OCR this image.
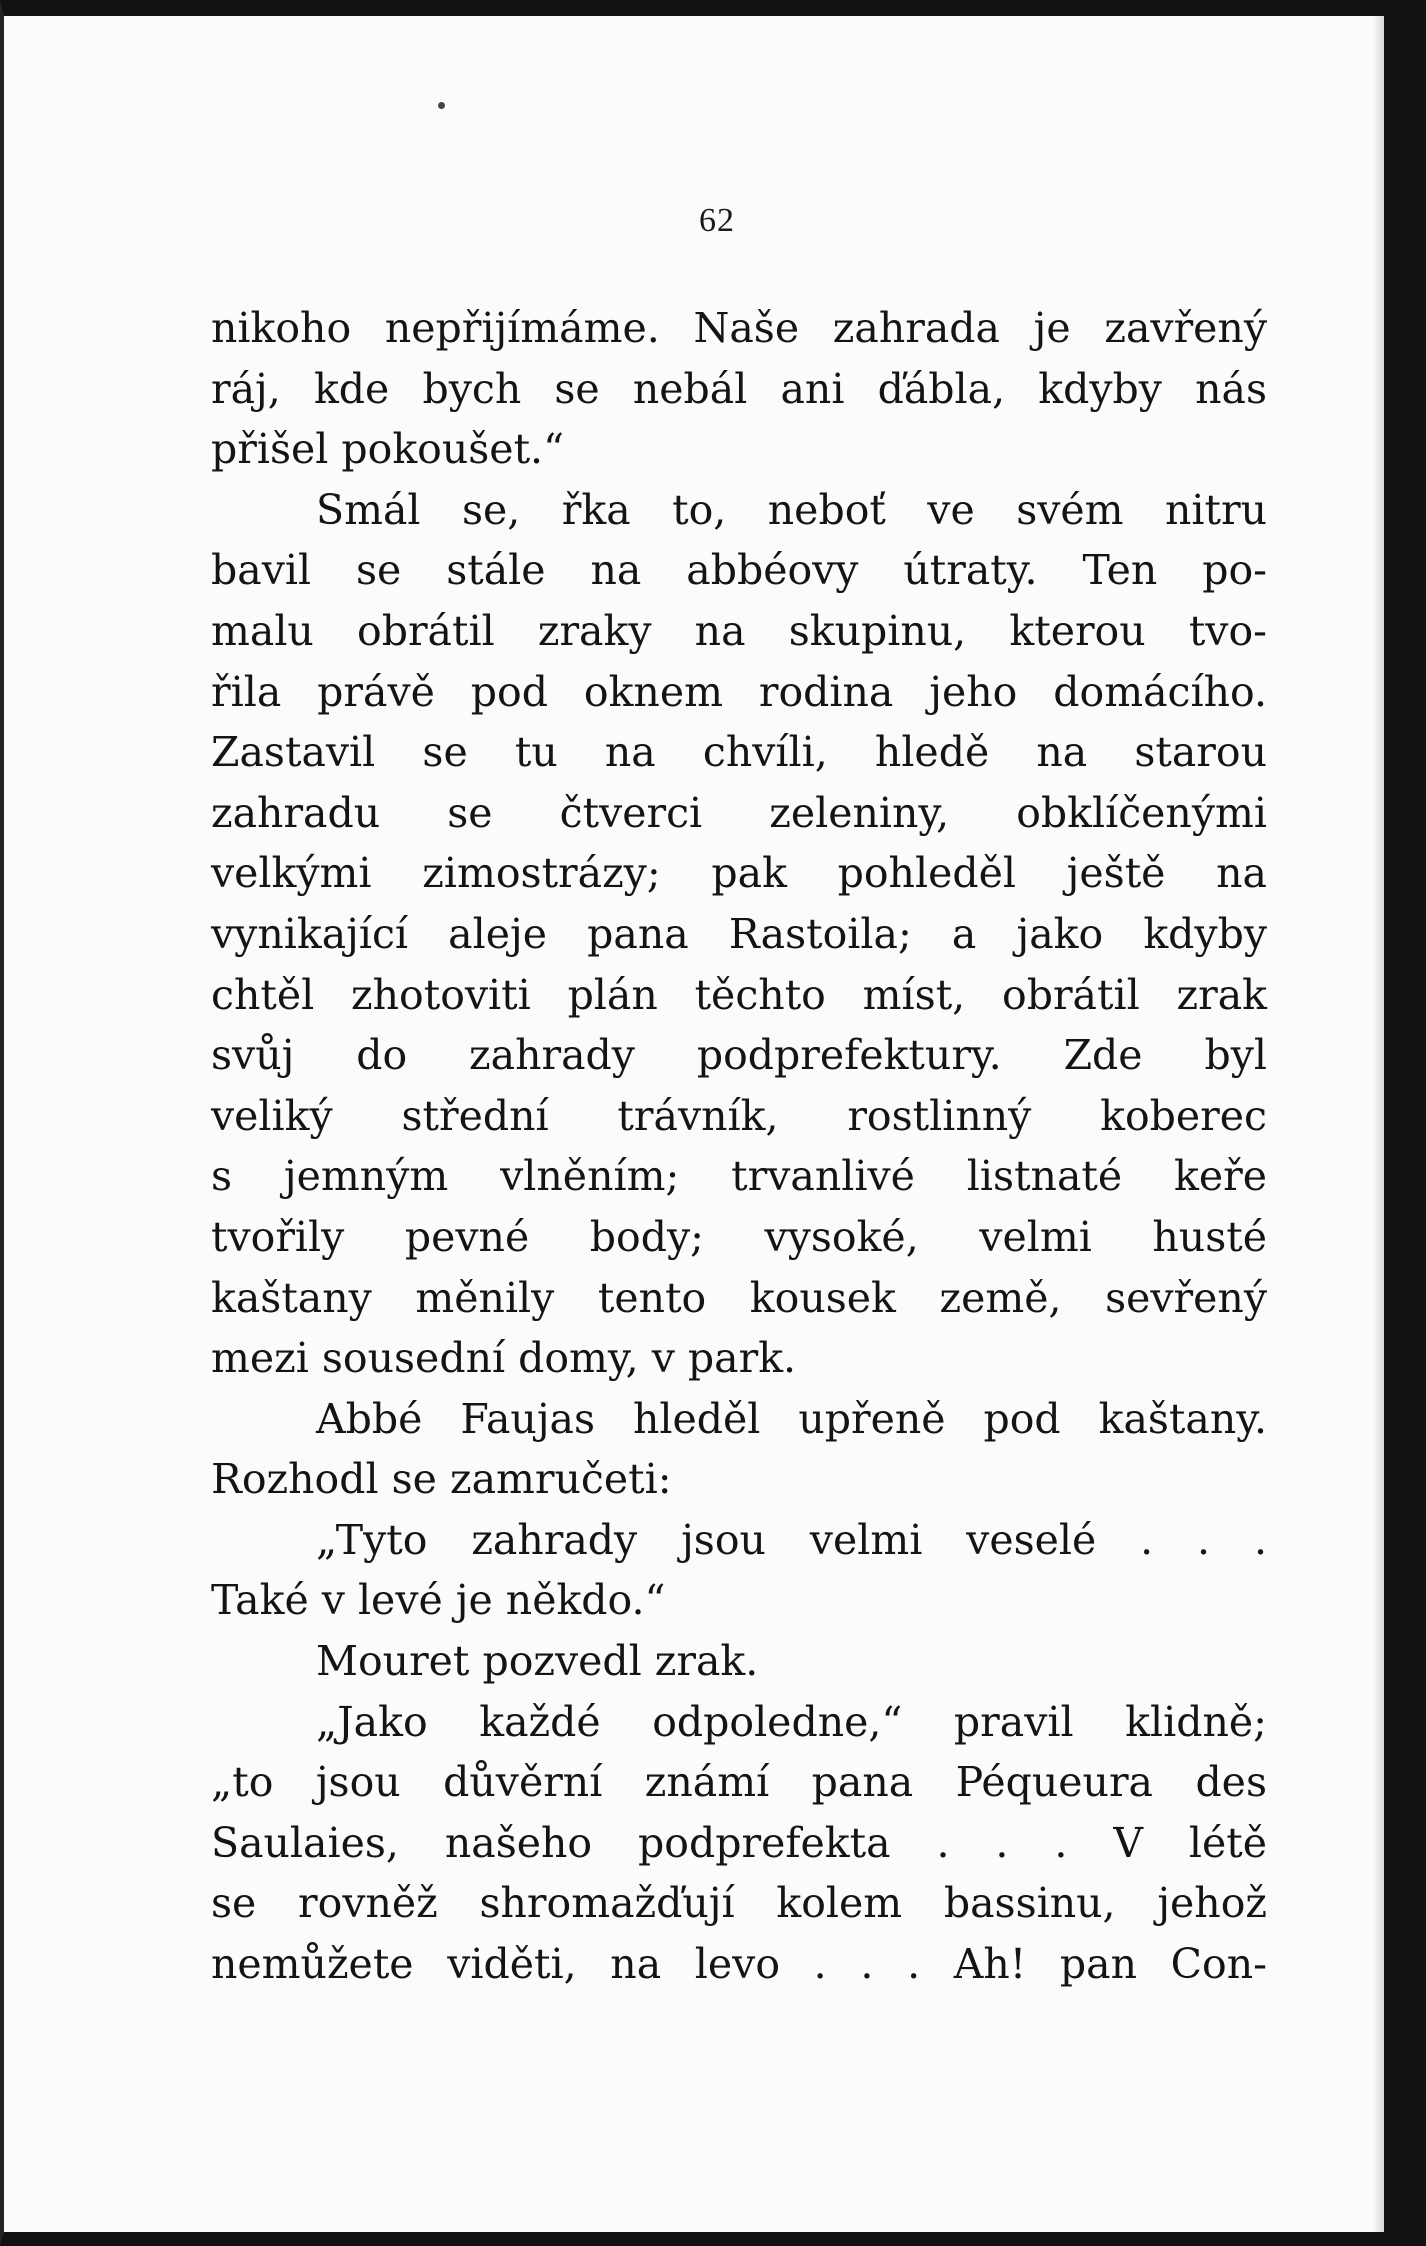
62
nikoho nepřijímáme. Naše zahrada je zavřený
ráj, kde bych se nebál ani ďábla, kdyby nás
přišel pokoušet.“
Smál se, řka to, neboť ve svém nitru
bavil se stále na abbéovy útraty. Ten po-
malu obrátil zraky na skupinu, kterou tvo-
řila právě pod oknem rodina jeho domácího.
Zastavil se tu na chvíli, hledě na starou
zahradu se čtverci zeleniny, obklíčenými
velkými zimostrázy; pak pohleděl ještě na
vynikající aleje pana Rastoila; a jako kdyby
chtěl zhotoviti plán těchto míst, obrátil zrak
svůj do zahrady podprefektury. Zde byl
veliký střední trávník, rostlinný koberec
s jemným vlněním; trvanlivé listnaté keře
tvořily pevné body; vysoké, velmi husté
kaštany měnily tento kousek země, sevřený
mezi sousední domy, v park.
Abbé Faujas hleděl upřeně pod kaštany.
Rozhodl se zamručeti:
„Tyto zahrady jsou velmi veselé . . .
Také v levé je někdo.“
Mouret pozvedl zrak.
„Jako každé odpoledne,“ pravil klidně;
„to jsou důvěrní známí pana Péqueura des
Saulaies, našeho podprefekta . . . V létě
se rovněž shromažďují kolem bassinu, jehož
nemůžete viděti, na levo . . . Ah! pan Con-
